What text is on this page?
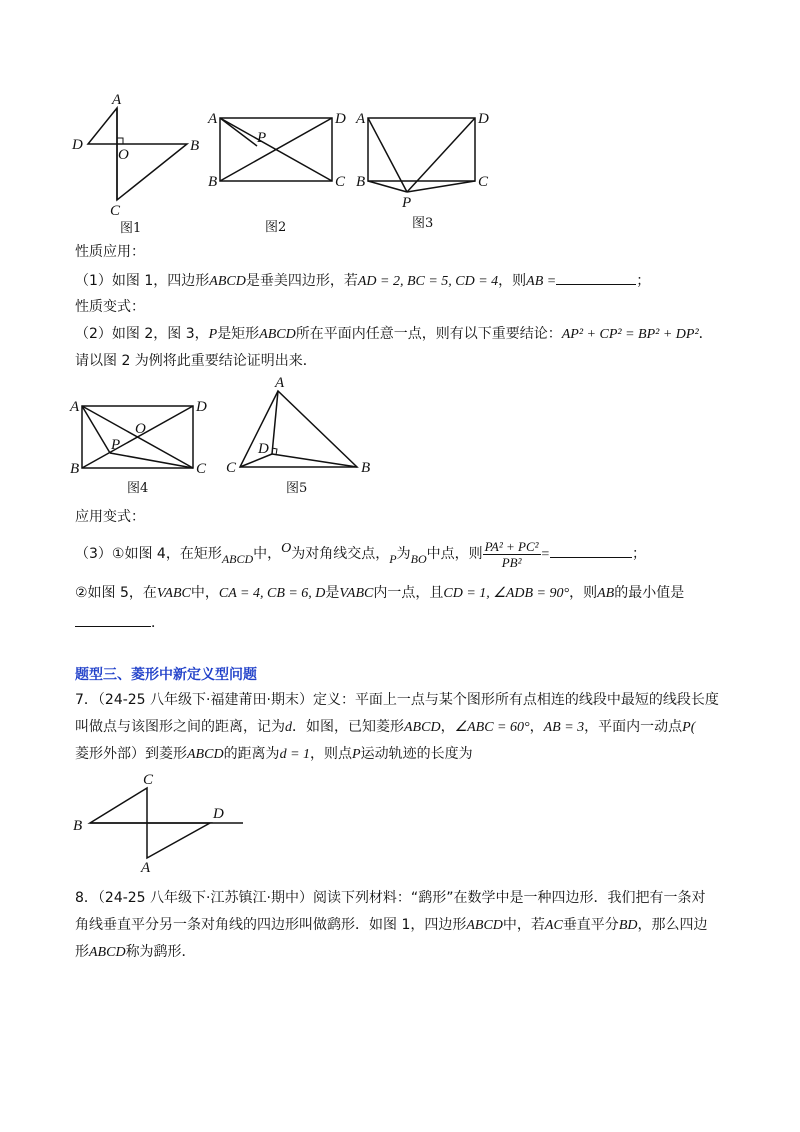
A
D
O
B
C
图1
A	D
P
B	C
图2
A	D
B	C
P
图3
性质应用：
（1）如图 1，四边形ABCD是垂美四边形，若AD = 2, BC = 5, CD = 4，则AB =	；
性质变式：
（2）如图 2，图 3，P是矩形ABCD所在平面内任意一点，则有以下重要结论：AP² + CP² = BP² + DP²．
请以图 2 为例将此重要结论证明出来．
A	D
O
P
B	C
图4
A
D
C	B
图5
应用变式：
（3）①如图 4，在矩形ABCD中，O为对角线交点，P为BO中点，则 $\frac{\text{PA² + PC²}}{\text{PB²}}$ =	；
②如图 5，在VABC中，CA = 4, CB = 6, D是VABC内一点，且CD = 1, ∠ADB = 90°，则AB的最小值是
．
题型三、菱形中新定义型问题
7．（24-25 八年级下·福建莆田·期末）定义：平面上一点与某个图形所有点相连的线段中最短的线段长度
叫做点与该图形之间的距离，记为d．如图，已知菱形ABCD，∠ABC = 60°，AB = 3，平面内一动点P(
菱形外部）到菱形ABCD的距离为d = 1，则点P运动轨迹的长度为
C
B
D
A
8．（24-25 八年级下·江苏镇江·期中）阅读下列材料：“鹞形”在数学中是一种四边形．我们把有一条对
角线垂直平分另一条对角线的四边形叫做鹞形．如图 1，四边形ABCD中，若AC垂直平分BD，那么四边
形ABCD称为鹞形．
